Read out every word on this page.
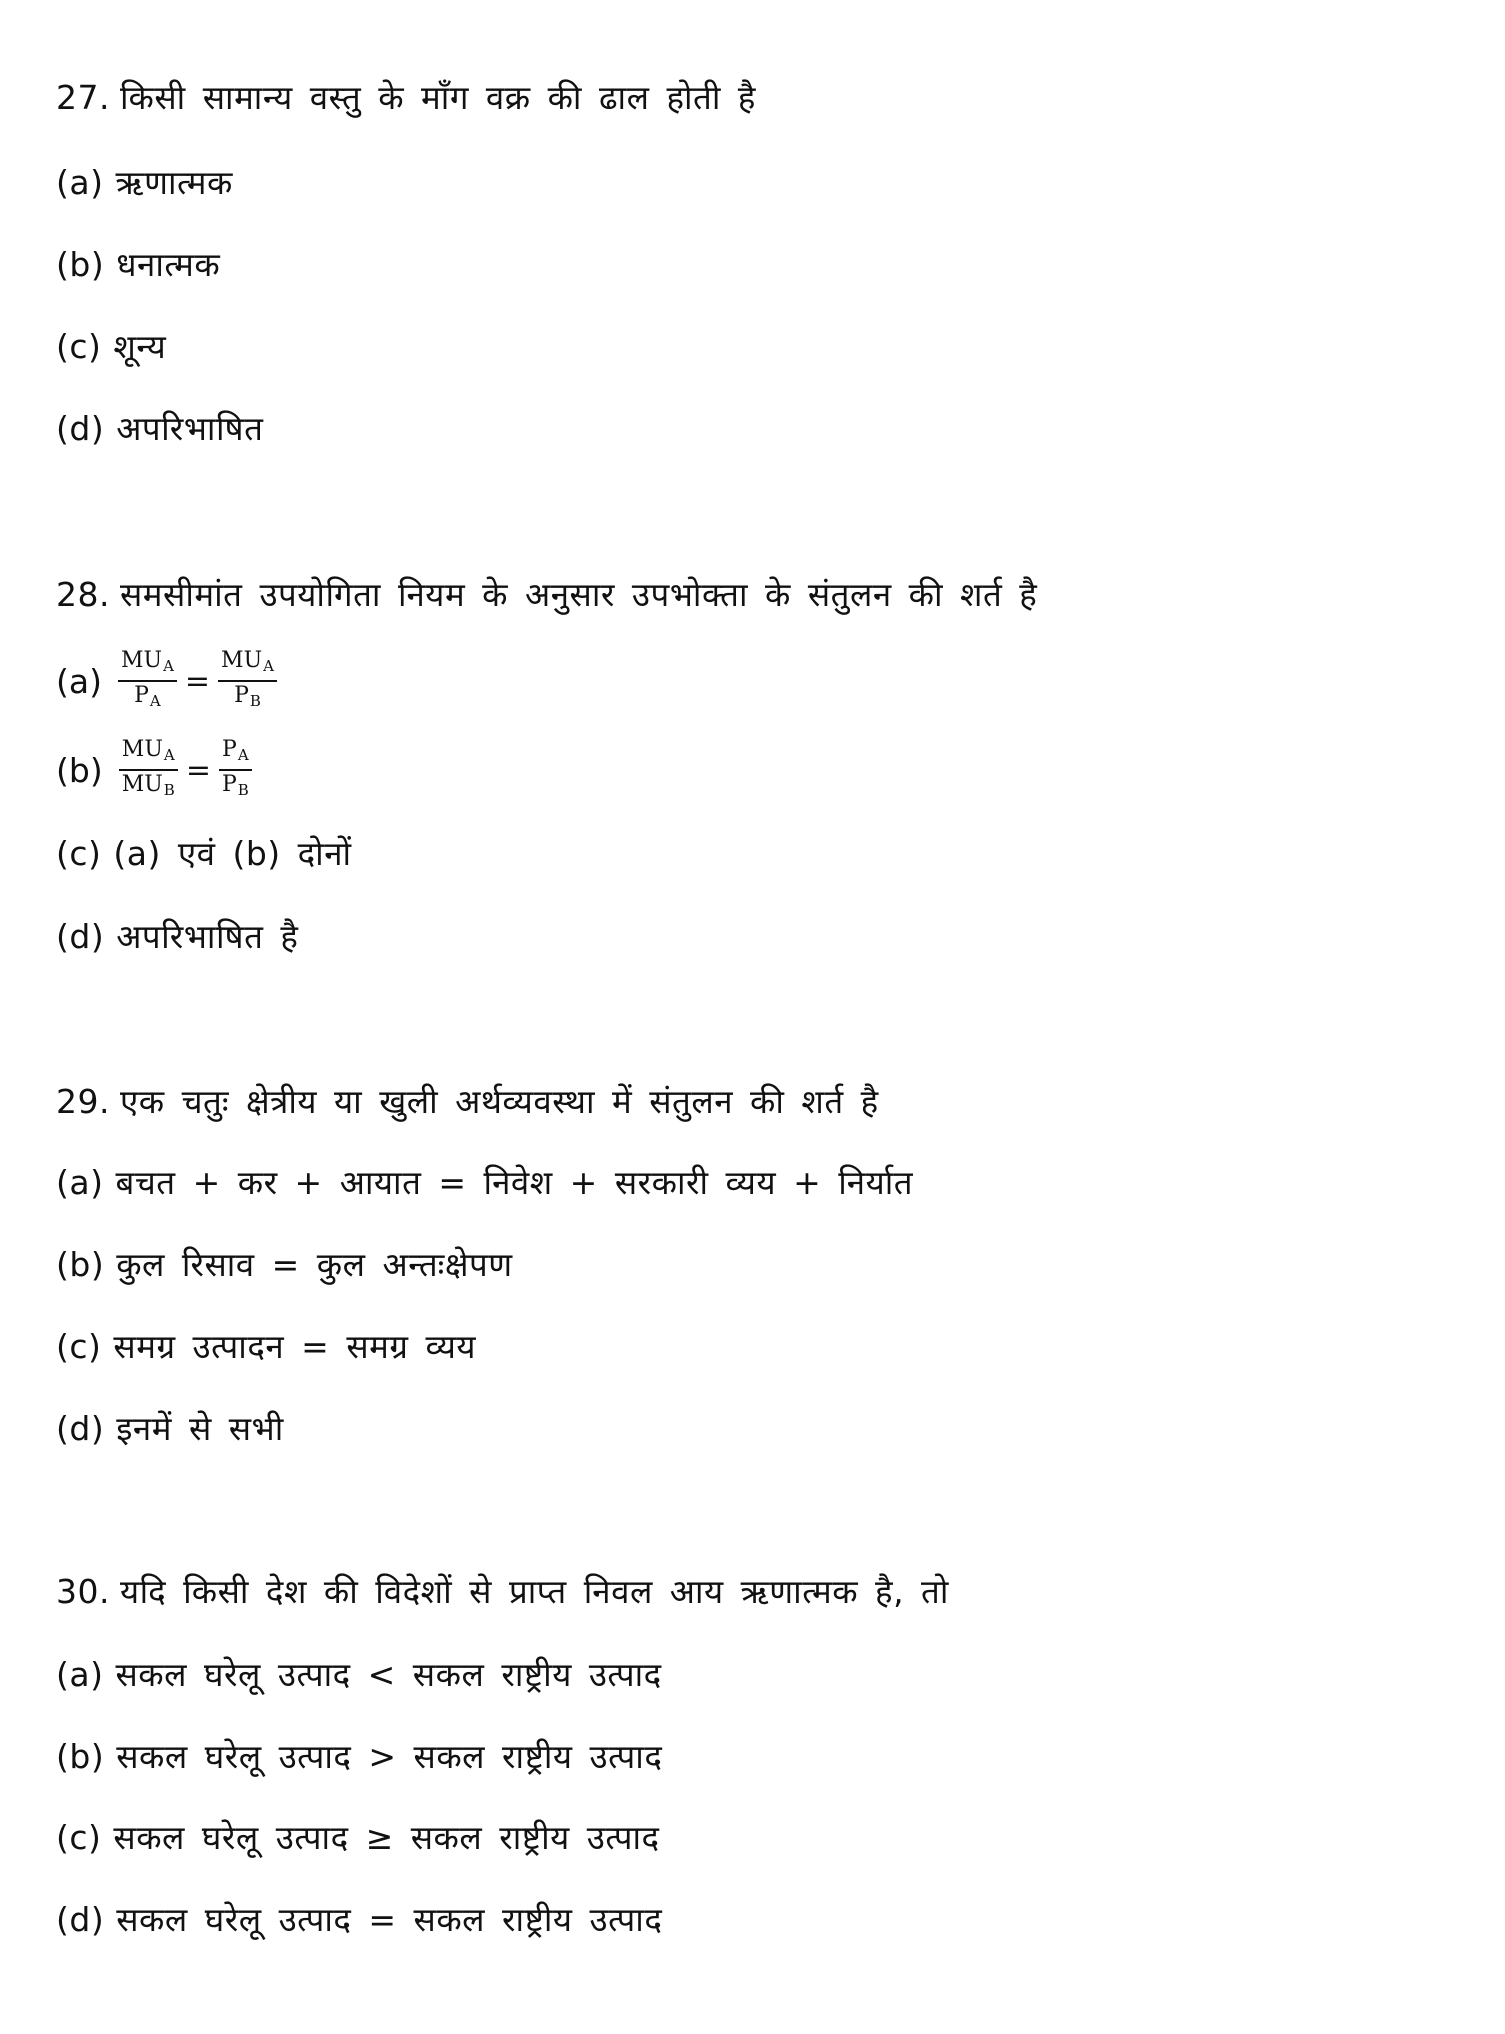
27. किसी सामान्य वस्तु के माँग वक्र की ढाल होती है
(a) ऋणात्मक
(b) धनात्मक
(c) शून्य
(d) अपरिभाषित
28. समसीमांत उपयोगिता नियम के अनुसार उपभोक्ता के संतुलन की शर्त है
$(a) \frac{MU_A}{P_A} = \frac{MU_A}{P_B}$
$(b) \frac{MU_A}{MU_B} = \frac{P_A}{P_B}$
(c) (a) एवं (b) दोनों
(d) अपरिभाषित है
29. एक चतुः क्षेत्रीय या खुली अर्थव्यवस्था में संतुलन की शर्त है
(a) बचत + कर + आयात = निवेश + सरकारी व्यय + निर्यात
(b) कुल रिसाव = कुल अन्तःक्षेपण
(c) समग्र उत्पादन = समग्र व्यय
(d) इनमें से सभी
30. यदि किसी देश की विदेशों से प्राप्त निवल आय ऋणात्मक है, तो
(a) सकल घरेलू उत्पाद < सकल राष्ट्रीय उत्पाद
(b) सकल घरेलू उत्पाद > सकल राष्ट्रीय उत्पाद
(c) सकल घरेलू उत्पाद ≥ सकल राष्ट्रीय उत्पाद
(d) सकल घरेलू उत्पाद = सकल राष्ट्रीय उत्पाद
